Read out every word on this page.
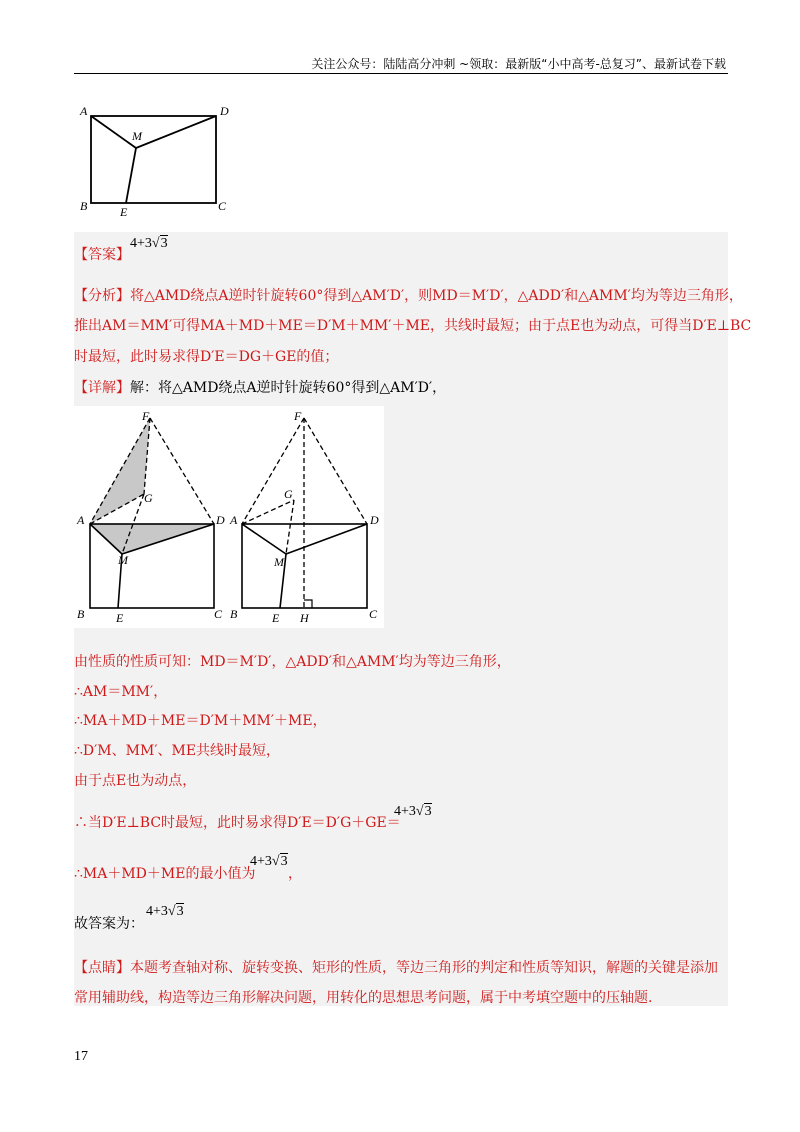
关注公众号：陆陆高分冲刺 ~领取：最新版“小中高考-总复习”、最新试卷下载
A	D
M
B	E	C
【答案】
4+3√3
【分析】将△AMD绕点A逆时针旋转60°得到△AM′D′，则MD＝M′D′，△ADD′和△AMM′均为等边三角形，
推出AM＝MM′可得MA＋MD＋ME＝D′M＋MM′＋ME，共线时最短；由于点E也为动点，可得当D′E⊥BC
时最短，此时易求得D′E＝DG＋GE的值；
【详解】解：将△AMD绕点A逆时针旋转60°得到△AM′D′，
F
G
A	D
M
B	E	C
F
G
A	D
M
B	E H	C
由性质的性质可知：MD＝M′D′，△ADD′和△AMM′均为等边三角形，
∴AM＝MM′，
∴MA＋MD＋ME＝D′M＋MM′＋ME，
∴D′M、MM′、ME共线时最短，
由于点E也为动点，
∴当D′E⊥BC时最短，此时易求得D′E＝D′G＋GE＝
4+3√3
∴MA＋MD＋ME的最小值为
4+3√3
，
故答案为：
4+3√3
【点睛】本题考查轴对称、旋转变换、矩形的性质，等边三角形的判定和性质等知识，解题的关键是添加
常用辅助线，构造等边三角形解决问题，用转化的思想思考问题，属于中考填空题中的压轴题.
17
